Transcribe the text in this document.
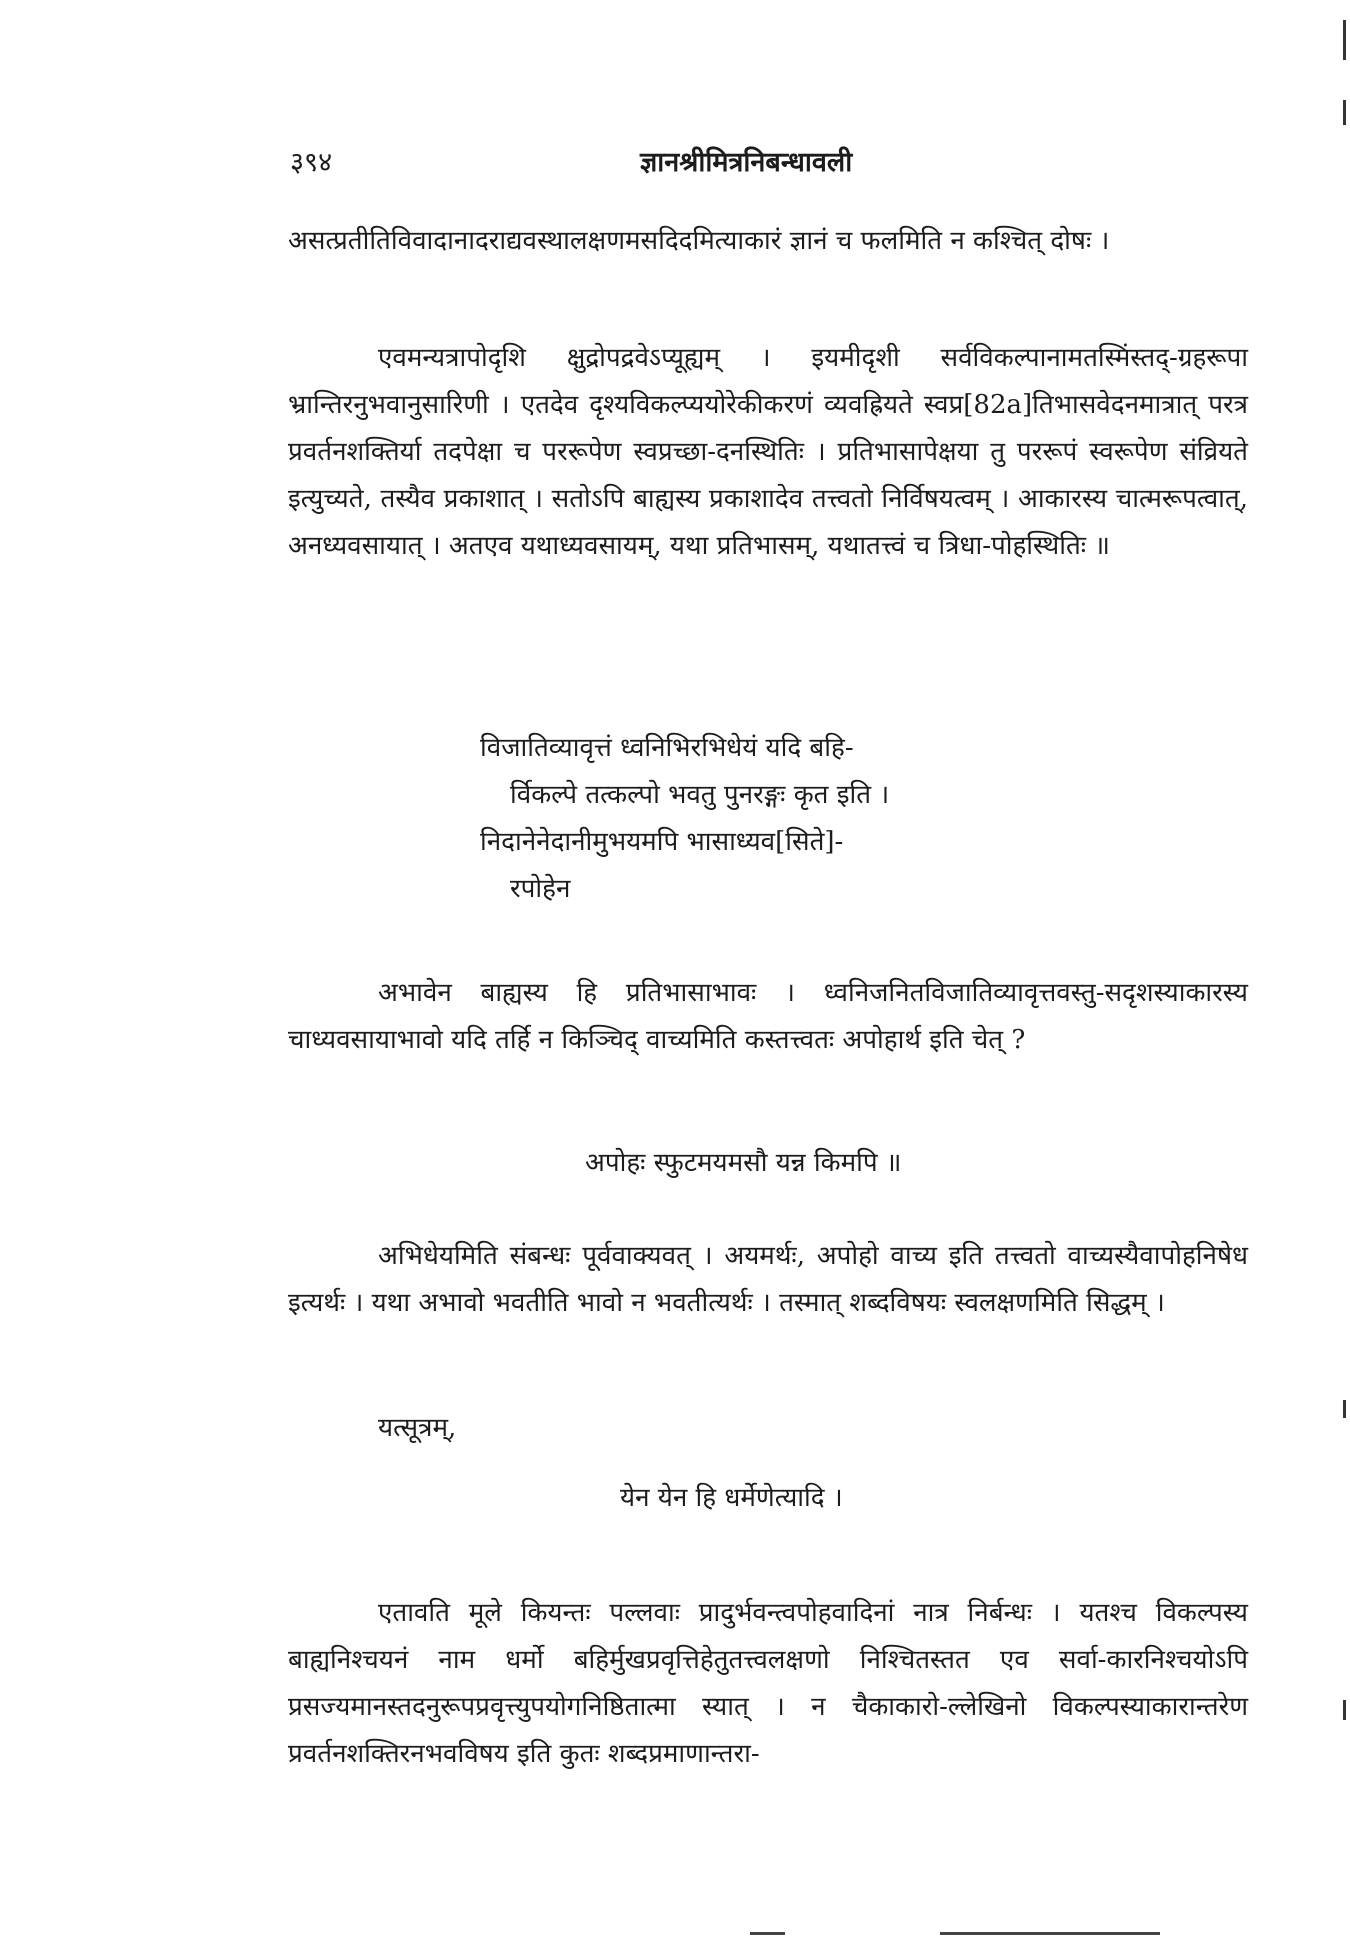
३९४	ज्ञानश्रीमित्रनिबन्धावली
असत्प्रतीतिविवादानादराद्यवस्थालक्षणमसदिदमित्याकारं ज्ञानं च फलमिति न कश्चित् दोषः ।
एवमन्यत्रापोदृशि क्षुद्रोपद्रवेऽप्यूह्यम् । इयमीदृशी सर्वविकल्पानामतस्मिंस्तद्-ग्रहरूपा भ्रान्तिरनुभवानुसारिणी । एतदेव दृश्यविकल्प्ययोरेकीकरणं व्यवह्रियते स्वप्र[82a]तिभासवेदनमात्रात् परत्र प्रवर्तनशक्तिर्या तदपेक्षा च पररूपेण स्वप्रच्छा-दनस्थितिः । प्रतिभासापेक्षया तु पररूपं स्वरूपेण संव्रियते इत्युच्यते, तस्यैव प्रकाशात् । सतोऽपि बाह्यस्य प्रकाशादेव तत्त्वतो निर्विषयत्वम् । आकारस्य चात्मरूपत्वात्, अनध्यवसायात् । अतएव यथाध्यवसायम्, यथा प्रतिभासम्, यथातत्त्वं च त्रिधा-पोहस्थितिः ॥
विजातिव्यावृत्तं ध्वनिभिरभिधेयं यदि बहि-
र्विकल्पे तत्कल्पो भवतु पुनरङ्गः कृत इति ।
निदानेनेदानीमुभयमपि भासाध्यव[सिते]-
रपोहेन
अभावेन बाह्यस्य हि प्रतिभासाभावः । ध्वनिजनितविजातिव्यावृत्तवस्तु-सदृशस्याकारस्य चाध्यवसायाभावो यदि तर्हि न किञ्चिद् वाच्यमिति कस्तत्त्वतः अपोहार्थ इति चेत् ?
अपोहः स्फुटमयमसौ यन्न किमपि ॥
अभिधेयमिति संबन्धः पूर्ववाक्यवत् । अयमर्थः, अपोहो वाच्य इति तत्त्वतो वाच्यस्यैवापोहनिषेध इत्यर्थः । यथा अभावो भवतीति भावो न भवतीत्यर्थः । तस्मात् शब्दविषयः स्वलक्षणमिति सिद्धम् ।
यत्सूत्रम्,
येन येन हि धर्मेणेत्यादि ।
एतावति मूले कियन्तः पल्लवाः प्रादुर्भवन्त्वपोहवादिनां नात्र निर्बन्धः । यतश्च विकल्पस्य बाह्यनिश्चयनं नाम धर्मो बहिर्मुखप्रवृत्तिहेतुतत्त्वलक्षणो निश्चितस्तत एव सर्वा-कारनिश्चयोऽपि प्रसज्यमानस्तदनुरूपप्रवृत्त्युपयोगनिष्ठितात्मा स्यात् । न चैकाकारो-ल्लेखिनो विकल्पस्याकारान्तरेण प्रवर्तनशक्तिरनभवविषय इति कुतः शब्दप्रमाणान्तरा-
